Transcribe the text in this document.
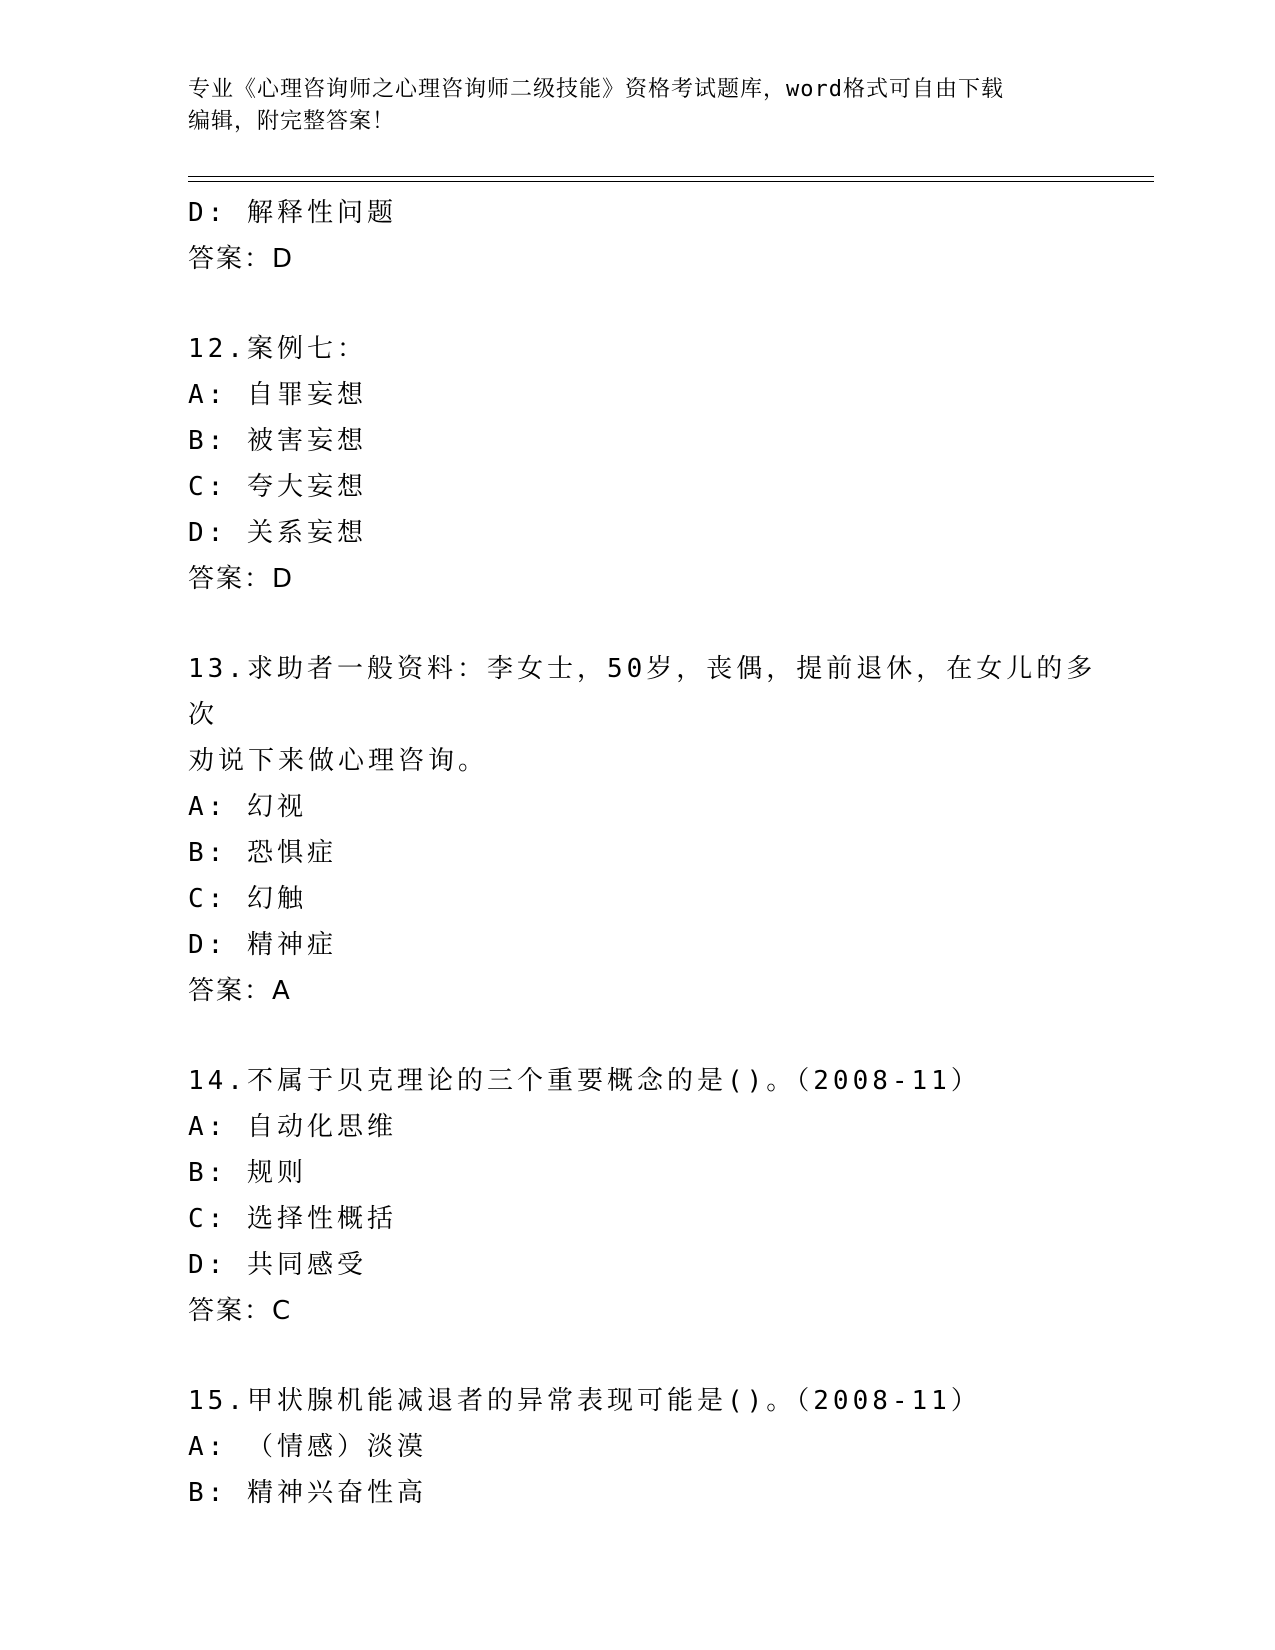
专业《心理咨询师之心理咨询师二级技能》资格考试题库，word格式可自由下载
编辑，附完整答案！

D: 解释性问题

答案：D

12.案例七：

A: 自罪妄想

B: 被害妄想

C: 夸大妄想

D: 关系妄想

答案：D

13.求助者一般资料：李女士，50岁，丧偶，提前退休，在女儿的多次

劝说下来做心理咨询。

A: 幻视

B: 恐惧症

C: 幻触

D: 精神症

答案：A

14.不属于贝克理论的三个重要概念的是()。（2008-11）

A: 自动化思维

B: 规则

C: 选择性概括

D: 共同感受

答案：C

15.甲状腺机能减退者的异常表现可能是()。（2008-11）

A: （情感）淡漠

B: 精神兴奋性高
